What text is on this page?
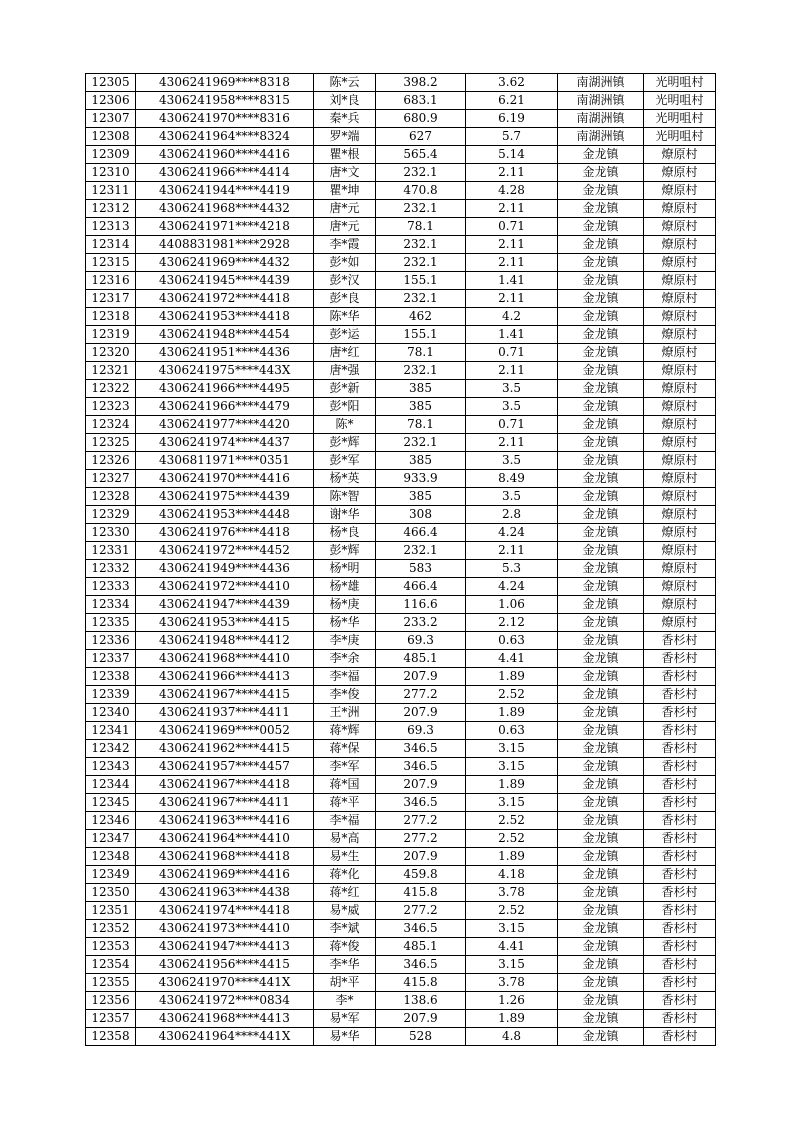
12305	4306241969****8318	陈*云	398.2	3.62	南湖洲镇	光明咀村
12306	4306241958****8315	刘*良	683.1	6.21	南湖洲镇	光明咀村
12307	4306241970****8316	秦*兵	680.9	6.19	南湖洲镇	光明咀村
12308	4306241964****8324	罗*端	627	5.7	南湖洲镇	光明咀村
12309	4306241960****4416	瞿*根	565.4	5.14	金龙镇	燎原村
12310	4306241966****4414	唐*文	232.1	2.11	金龙镇	燎原村
12311	4306241944****4419	瞿*坤	470.8	4.28	金龙镇	燎原村
12312	4306241968****4432	唐*元	232.1	2.11	金龙镇	燎原村
12313	4306241971****4218	唐*元	78.1	0.71	金龙镇	燎原村
12314	4408831981****2928	李*霞	232.1	2.11	金龙镇	燎原村
12315	4306241969****4432	彭*如	232.1	2.11	金龙镇	燎原村
12316	4306241945****4439	彭*汉	155.1	1.41	金龙镇	燎原村
12317	4306241972****4418	彭*良	232.1	2.11	金龙镇	燎原村
12318	4306241953****4418	陈*华	462	4.2	金龙镇	燎原村
12319	4306241948****4454	彭*运	155.1	1.41	金龙镇	燎原村
12320	4306241951****4436	唐*红	78.1	0.71	金龙镇	燎原村
12321	4306241975****443X	唐*强	232.1	2.11	金龙镇	燎原村
12322	4306241966****4495	彭*新	385	3.5	金龙镇	燎原村
12323	4306241966****4479	彭*阳	385	3.5	金龙镇	燎原村
12324	4306241977****4420	陈*	78.1	0.71	金龙镇	燎原村
12325	4306241974****4437	彭*辉	232.1	2.11	金龙镇	燎原村
12326	4306811971****0351	彭*军	385	3.5	金龙镇	燎原村
12327	4306241970****4416	杨*英	933.9	8.49	金龙镇	燎原村
12328	4306241975****4439	陈*智	385	3.5	金龙镇	燎原村
12329	4306241953****4448	谢*华	308	2.8	金龙镇	燎原村
12330	4306241976****4418	杨*良	466.4	4.24	金龙镇	燎原村
12331	4306241972****4452	彭*辉	232.1	2.11	金龙镇	燎原村
12332	4306241949****4436	杨*明	583	5.3	金龙镇	燎原村
12333	4306241972****4410	杨*雄	466.4	4.24	金龙镇	燎原村
12334	4306241947****4439	杨*庚	116.6	1.06	金龙镇	燎原村
12335	4306241953****4415	杨*华	233.2	2.12	金龙镇	燎原村
12336	4306241948****4412	李*庚	69.3	0.63	金龙镇	香杉村
12337	4306241968****4410	李*余	485.1	4.41	金龙镇	香杉村
12338	4306241966****4413	李*福	207.9	1.89	金龙镇	香杉村
12339	4306241967****4415	李*俊	277.2	2.52	金龙镇	香杉村
12340	4306241937****4411	王*洲	207.9	1.89	金龙镇	香杉村
12341	4306241969****0052	蒋*辉	69.3	0.63	金龙镇	香杉村
12342	4306241962****4415	蒋*保	346.5	3.15	金龙镇	香杉村
12343	4306241957****4457	李*军	346.5	3.15	金龙镇	香杉村
12344	4306241967****4418	蒋*国	207.9	1.89	金龙镇	香杉村
12345	4306241967****4411	蒋*平	346.5	3.15	金龙镇	香杉村
12346	4306241963****4416	李*福	277.2	2.52	金龙镇	香杉村
12347	4306241964****4410	易*高	277.2	2.52	金龙镇	香杉村
12348	4306241968****4418	易*生	207.9	1.89	金龙镇	香杉村
12349	4306241969****4416	蒋*化	459.8	4.18	金龙镇	香杉村
12350	4306241963****4438	蒋*红	415.8	3.78	金龙镇	香杉村
12351	4306241974****4418	易*威	277.2	2.52	金龙镇	香杉村
12352	4306241973****4410	李*斌	346.5	3.15	金龙镇	香杉村
12353	4306241947****4413	蒋*俊	485.1	4.41	金龙镇	香杉村
12354	4306241956****4415	李*华	346.5	3.15	金龙镇	香杉村
12355	4306241970****441X	胡*平	415.8	3.78	金龙镇	香杉村
12356	4306241972****0834	李*	138.6	1.26	金龙镇	香杉村
12357	4306241968****4413	易*军	207.9	1.89	金龙镇	香杉村
12358	4306241964****441X	易*华	528	4.8	金龙镇	香杉村
